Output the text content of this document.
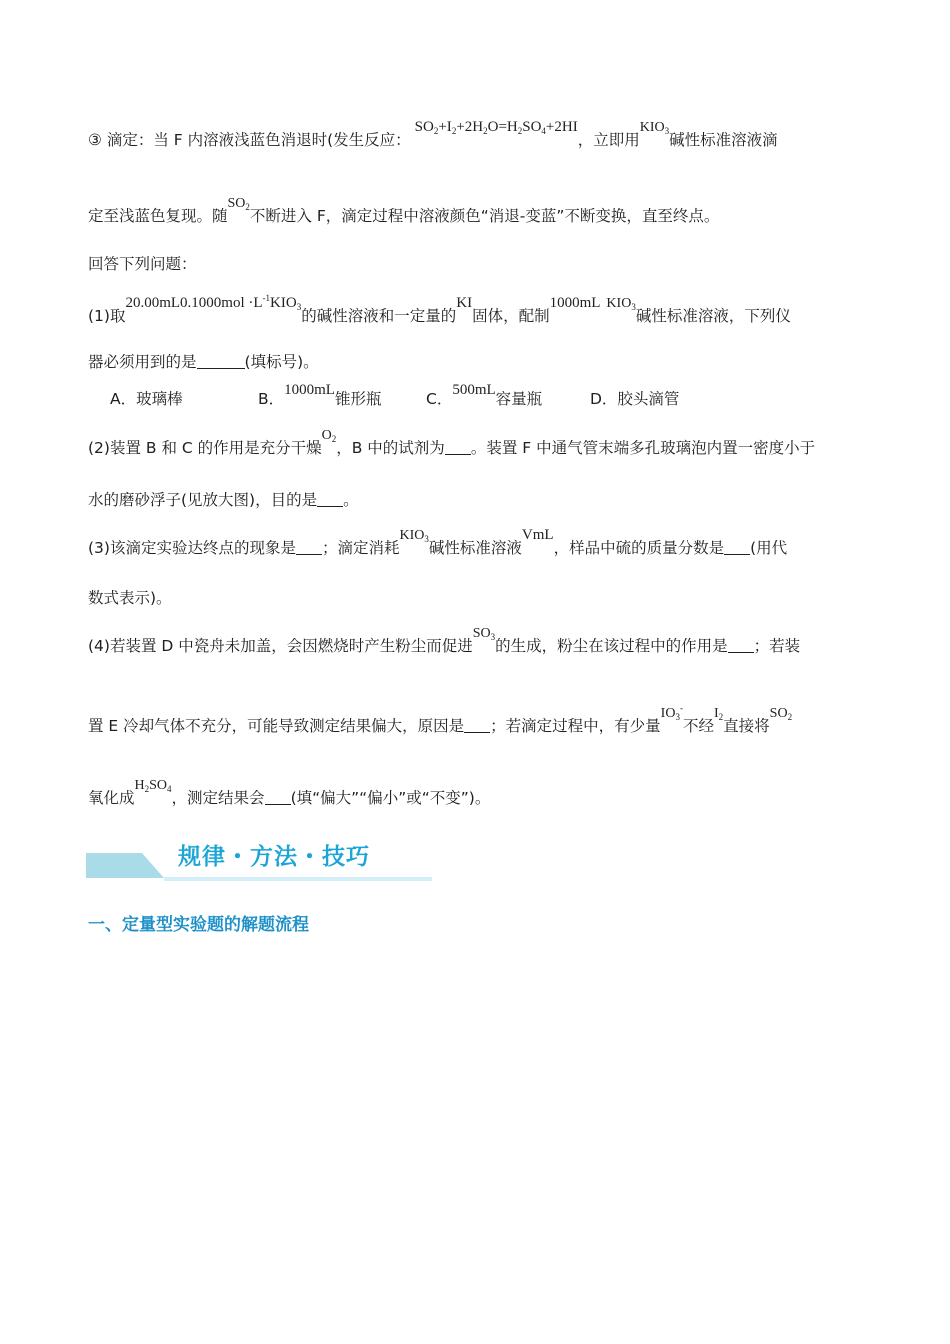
③ 滴定：当 F 内溶液浅蓝色消退时(发生反应：$SO_2+I_2+2H_2O=H_2SO_4+2HI$，立即用$KIO_3$碱性标准溶液滴
定至浅蓝色复现。随$SO_2$不断进入 F，滴定过程中溶液颜色“消退-变蓝”不断变换，直至终点。
回答下列问题：
(1)取$20.00mL0.1000mol \cdot L^{-1}KIO_3$的碱性溶液和一定量的KI固体，配制1000mL $KIO_3$碱性标准溶液，下列仪
器必须用到的是	(填标号)。
A．玻璃棒	B．1000mL锥形瓶	C．500mL容量瓶	D．胶头滴管
(2)装置 B 和 C 的作用是充分干燥$O_2$，B 中的试剂为 。装置 F 中通气管末端多孔玻璃泡内置一密度小于
水的磨砂浮子(见放大图)，目的是 。
(3)该滴定实验达终点的现象是 ；滴定消耗$KIO_3$碱性标准溶液VmL，样品中硫的质量分数是 (用代
数式表示)。
(4)若装置 D 中瓷舟未加盖，会因燃烧时产生粉尘而促进$SO_3$的生成，粉尘在该过程中的作用是 ；若装
置 E 冷却气体不充分，可能导致测定结果偏大，原因是 ；若滴定过程中，有少量$IO_3^-$不经$I_2$直接将$SO_2$
氧化成$H_2SO_4$，测定结果会 (填“偏大”“偏小”或“不变”)。
规律・方法・技巧
一、定量型实验题的解题流程
